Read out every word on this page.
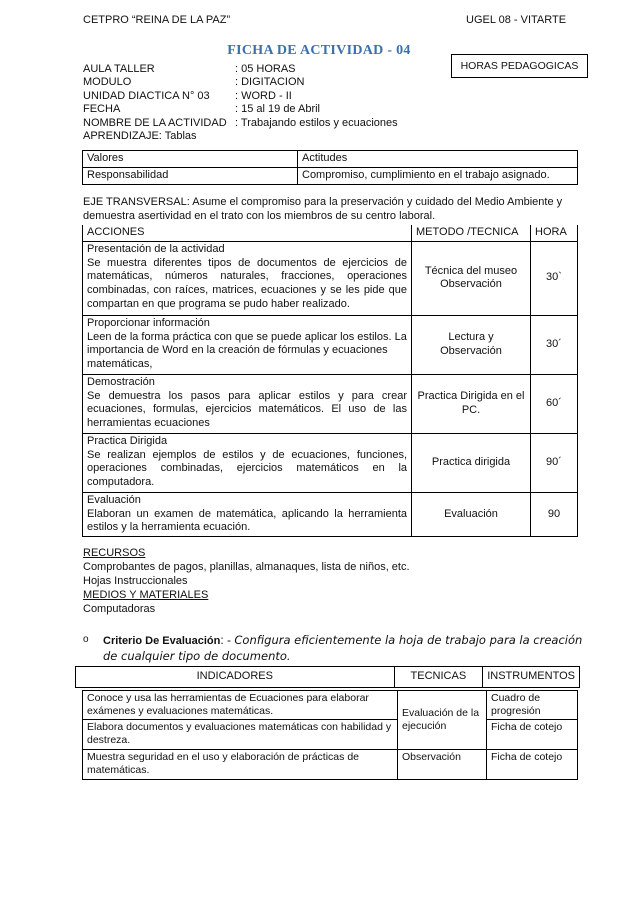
CETPRO “REINA DE LA PAZ”	UGEL 08 - VITARTE
FICHA DE ACTIVIDAD - 04
HORAS PEDAGOGICAS
AULA TALLER	: 05 HORAS
MODULO	: DIGITACION
UNIDAD DIACTICA N° 03	: WORD - II
FECHA	: 15 al 19 de Abril
NOMBRE DE LA ACTIVIDAD : Trabajando estilos y ecuaciones
APRENDIZAJE: Tablas
Valores	Actitudes
Responsabilidad	Compromiso, cumplimiento en el trabajo asignado.
EJE TRANSVERSAL: Asume el compromiso para la preservación y cuidado del Medio Ambiente y demuestra asertividad en el trato con los miembros de su centro laboral.
ACCIONES	METODO /TECNICA	HORA

Presentación de la actividad
Se muestra diferentes tipos de documentos de ejercicios de matemáticas, números naturales, fracciones, operaciones combinadas, con raíces, matrices, ecuaciones y se les pide que compartan en que programa se pudo haber realizado.	Técnica del museo Observación	30`

Proporcionar información
Leen de la forma práctica con que se puede aplicar los estilos. La importancia de Word en la creación de fórmulas y ecuaciones matemáticas,	Lectura y Observación	30´

Demostración
Se demuestra los pasos para aplicar estilos y para crear ecuaciones, formulas, ejercicios matemáticos. El uso de las herramientas ecuaciones	Practica Dirigida en el PC.	60´

Practica Dirigida
Se realizan ejemplos de estilos y de ecuaciones, funciones, operaciones combinadas, ejercicios matemáticos en la computadora.	Practica dirigida	90´

Evaluación
Elaboran un examen de matemática, aplicando la herramienta estilos y la herramienta ecuación.	Evaluación	90
RECURSOS
Comprobantes de pagos, planillas, almanaques, lista de niños, etc.
Hojas Instruccionales
MEDIOS Y MATERIALES
Computadoras
o Criterio De Evaluación: - Configura eficientemente la hoja de trabajo para la creación de cualquier tipo de documento.
INDICADORES	TECNICAS	INSTRUMENTOS
Conoce y usa las herramientas de Ecuaciones para elaborar exámenes y evaluaciones matemáticas.	Evaluación de la ejecución	Cuadro de progresión
Elabora documentos y evaluaciones matemáticas con habilidad y destreza.		Ficha de cotejo
Muestra seguridad en el uso y elaboración de prácticas de matemáticas.	Observación	Ficha de cotejo
